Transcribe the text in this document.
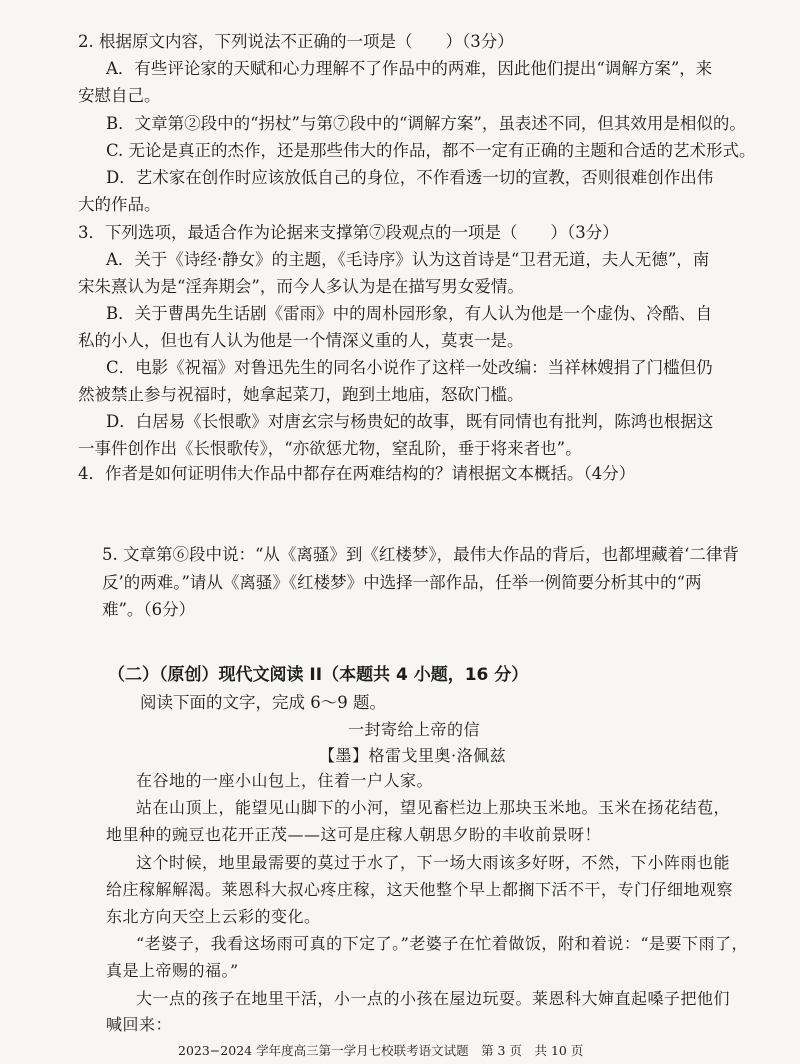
2. 根据原文内容，下列说法不正确的一项是（　　）（3分）
A．有些评论家的天赋和心力理解不了作品中的两难，因此他们提出“调解方案”，来
安慰自己。
B．文章第②段中的“拐杖”与第⑦段中的“调解方案”，虽表述不同，但其效用是相似的。
C. 无论是真正的杰作，还是那些伟大的作品，都不一定有正确的主题和合适的艺术形式。
D．艺术家在创作时应该放低自己的身位，不作看透一切的宣教，否则很难创作出伟
大的作品。
3．下列选项，最适合作为论据来支撑第⑦段观点的一项是（　　）（3分）
A．关于《诗经·静女》的主题，《毛诗序》认为这首诗是“卫君无道，夫人无德”，南
宋朱熹认为是“淫奔期会”，而今人多认为是在描写男女爱情。
B．关于曹禺先生话剧《雷雨》中的周朴园形象，有人认为他是一个虚伪、冷酷、自
私的小人，但也有人认为他是一个情深义重的人，莫衷一是。
C．电影《祝福》对鲁迅先生的同名小说作了这样一处改编：当祥林嫂捐了门槛但仍
然被禁止参与祝福时，她拿起菜刀，跑到土地庙，怒砍门槛。
D．白居易《长恨歌》对唐玄宗与杨贵妃的故事，既有同情也有批判，陈鸿也根据这
一事件创作出《长恨歌传》，“亦欲惩尤物，窒乱阶，垂于将来者也”。
4．作者是如何证明伟大作品中都存在两难结构的？请根据文本概括。（4分）
5. 文章第⑥段中说：“从《离骚》到《红楼梦》，最伟大作品的背后，也都埋藏着‘二律背
反’的两难。”请从《离骚》《红楼梦》中选择一部作品，任举一例简要分析其中的“两
难”。（6分）
（二）（原创）现代文阅读 II（本题共 4 小题，16 分）
阅读下面的文字，完成 6～9 题。
一封寄给上帝的信
【墨】格雷戈里奥·洛佩兹
在谷地的一座小山包上，住着一户人家。
站在山顶上，能望见山脚下的小河，望见畜栏边上那块玉米地。玉米在扬花结苞，
地里种的豌豆也花开正茂——这可是庄稼人朝思夕盼的丰收前景呀！
这个时候，地里最需要的莫过于水了，下一场大雨该多好呀，不然，下小阵雨也能
给庄稼解解渴。莱恩科大叔心疼庄稼，这天他整个早上都搁下活不干，专门仔细地观察
东北方向天空上云彩的变化。
“老婆子，我看这场雨可真的下定了。”老婆子在忙着做饭，附和着说：“是要下雨了，
真是上帝赐的福。”
大一点的孩子在地里干活，小一点的小孩在屋边玩耍。莱恩科大婶直起嗓子把他们
喊回来：
2023−2024 学年度高三第一学月七校联考语文试题　第 3 页　共 10 页
